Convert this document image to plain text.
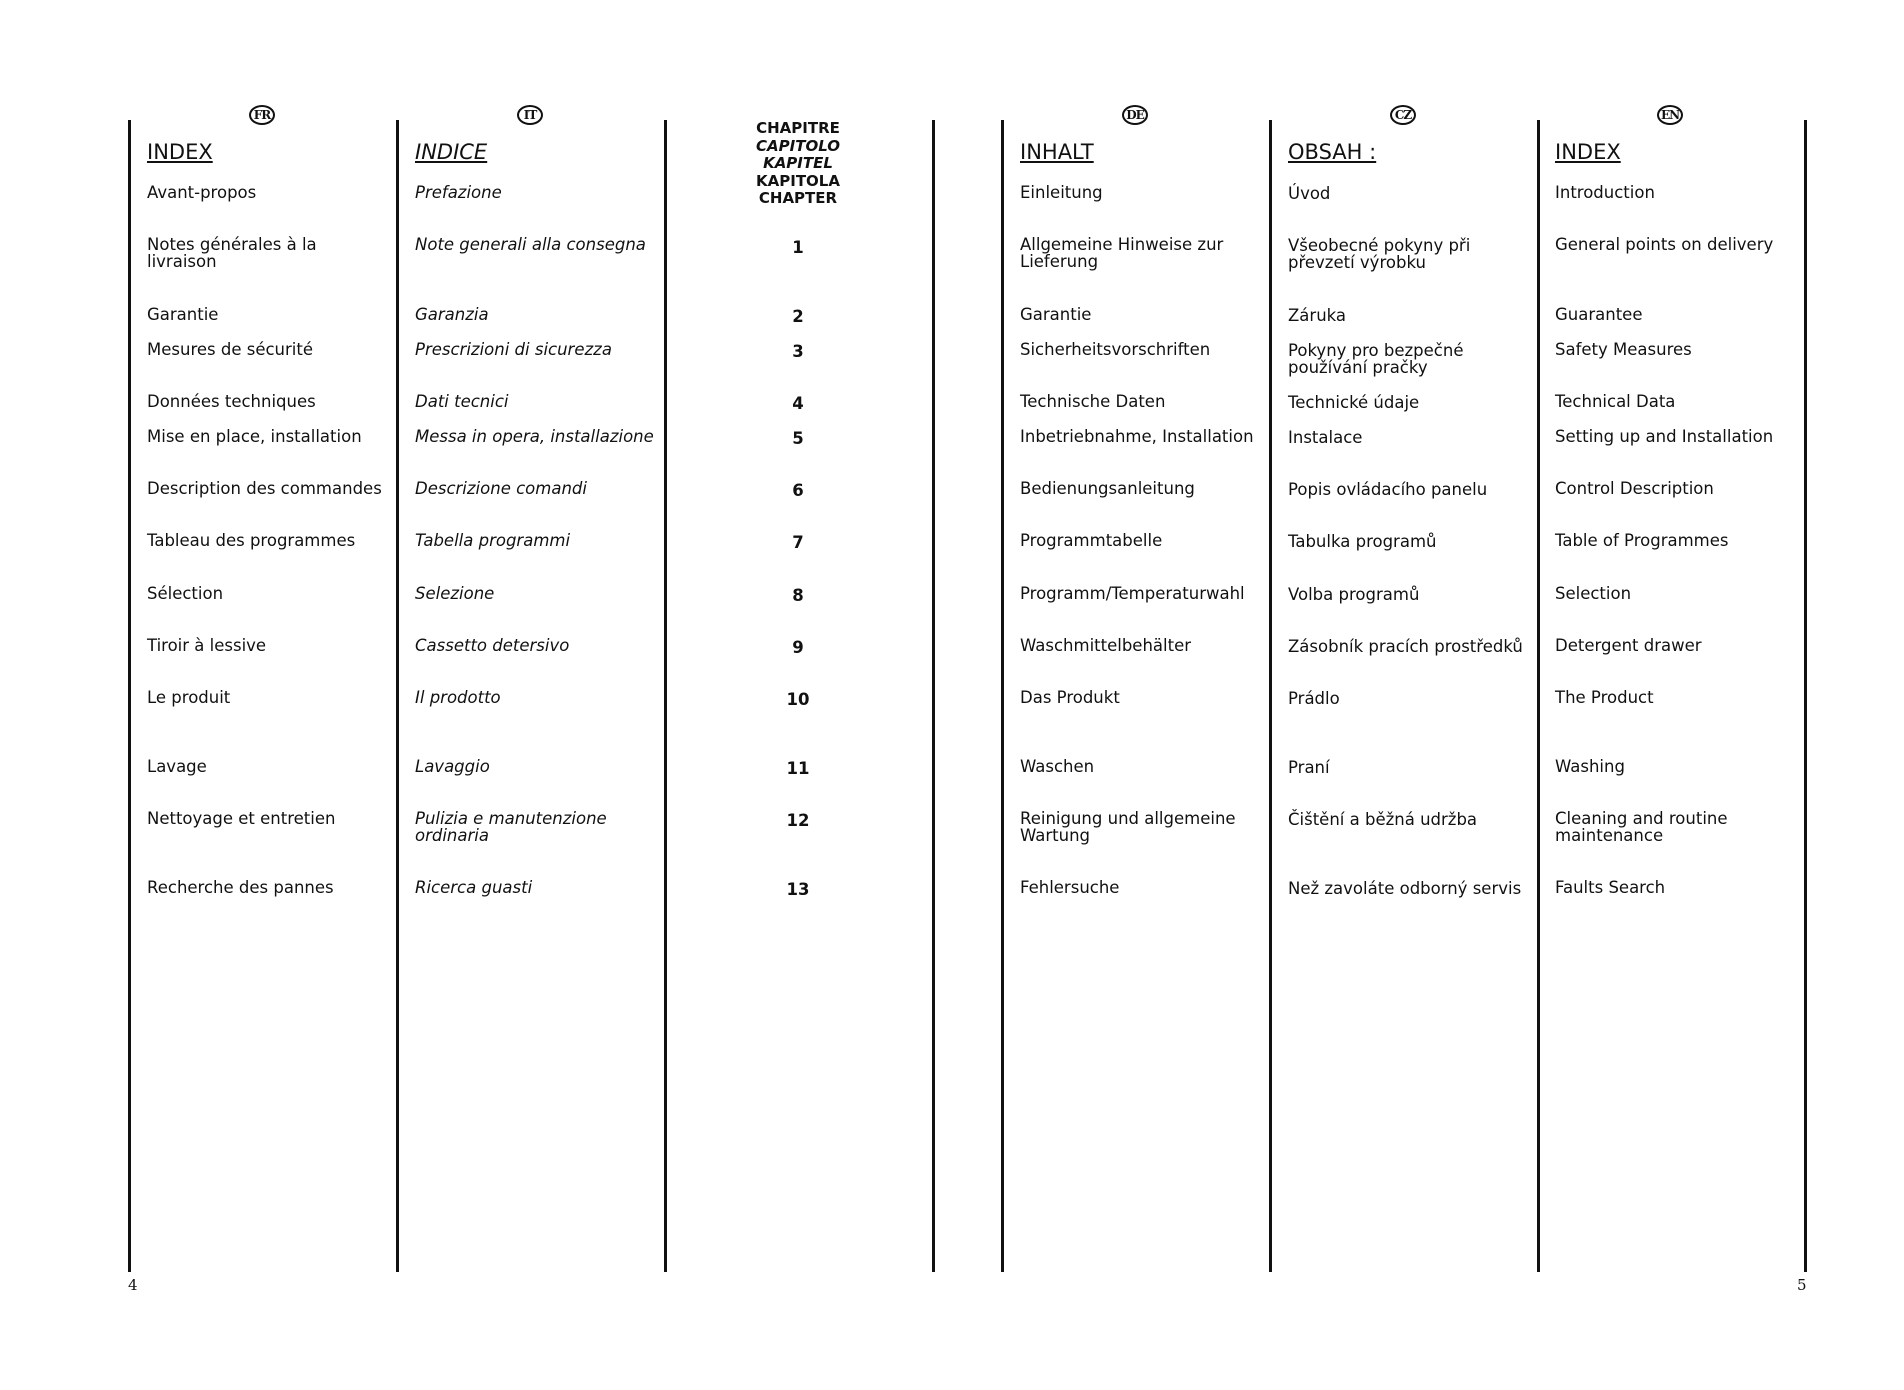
FR
INDEX
Avant-propos
Notes générales à la livraison
Garantie
Mesures de sécurité
Données techniques
Mise en place, installation
Description des commandes
Tableau des programmes
Sélection
Tiroir à lessive
Le produit
Lavage
Nettoyage et entretien
Recherche des pannes
IT
INDICE
Prefazione
Note generali alla consegna
Garanzia
Prescrizioni di sicurezza
Dati tecnici
Messa in opera, installazione
Descrizione comandi
Tabella programmi
Selezione
Cassetto detersivo
Il prodotto
Lavaggio
Pulizia e manutenzione ordinaria
Ricerca guasti
CHAPITRE
CAPITOLO
KAPITEL
KAPITOLA
CHAPTER
1
2
3
4
5
6
7
8
9
10
11
12
13
4
DE
INHALT
Einleitung
Allgemeine Hinweise zur Lieferung
Garantie
Sicherheitsvorschriften
Technische Daten
Inbetriebnahme, Installation
Bedienungsanleitung
Programmtabelle
Programm/Temperaturwahl
Waschmittelbehälter
Das Produkt
Waschen
Reinigung und allgemeine Wartung
Fehlersuche
CZ
OBSAH :
Úvod
Všeobecné pokyny při převzetí výrobku
Záruka
Pokyny pro bezpečné používání pračky
Technické údaje
Instalace
Popis ovládacího panelu
Tabulka programů
Volba programů
Zásobník pracích prostředků
Prádlo
Praní
Čištění a běžná udržba
Než zavoláte odborný servis
EN
INDEX
Introduction
General points on delivery
Guarantee
Safety Measures
Technical Data
Setting up and Installation
Control Description
Table of Programmes
Selection
Detergent drawer
The Product
Washing
Cleaning and routine maintenance
Faults Search
5
